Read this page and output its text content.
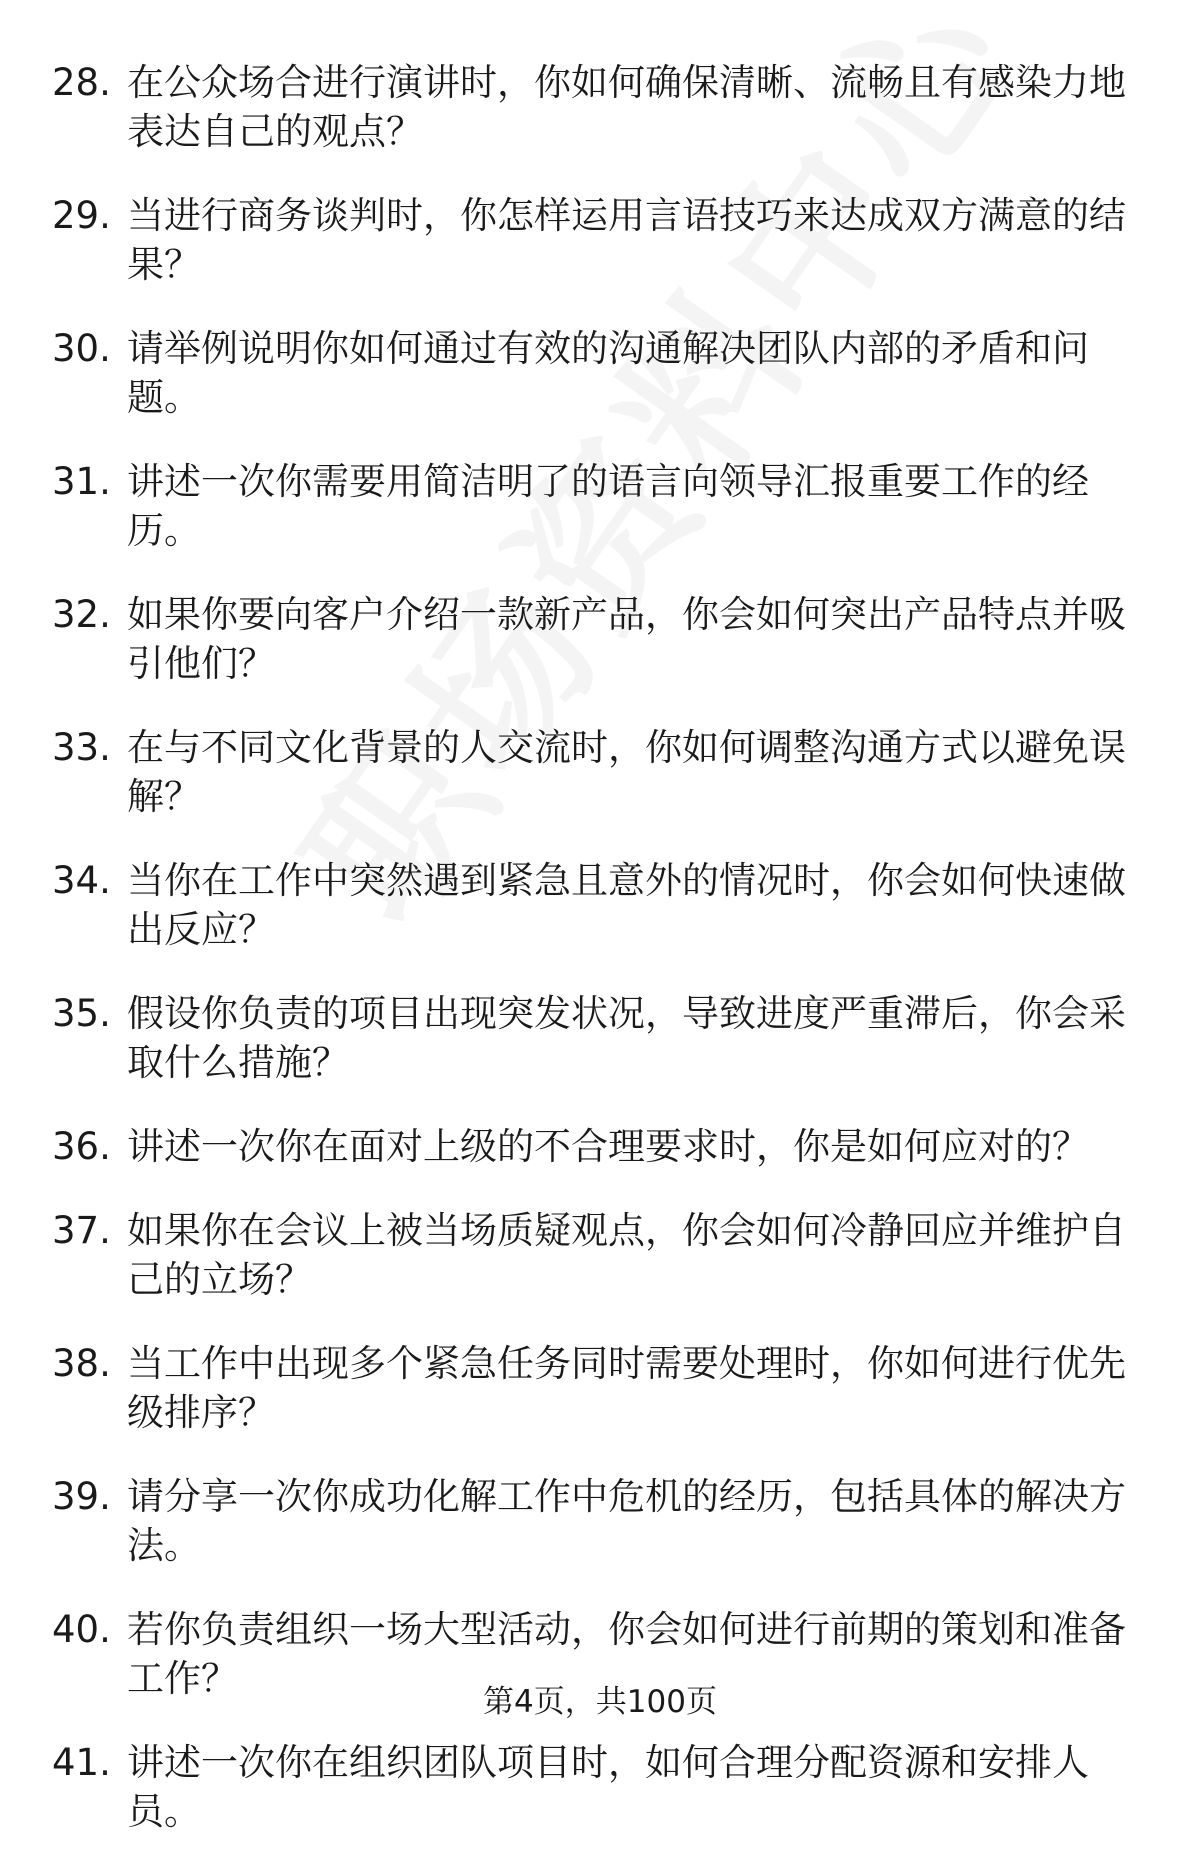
28. 在公众场合进行演讲时，你如何确保清晰、流畅且有感染力地表达自己的观点？
29. 当进行商务谈判时，你怎样运用言语技巧来达成双方满意的结果？
30. 请举例说明你如何通过有效的沟通解决团队内部的矛盾和问题。
31. 讲述一次你需要用简洁明了的语言向领导汇报重要工作的经历。
32. 如果你要向客户介绍一款新产品，你会如何突出产品特点并吸引他们？
33. 在与不同文化背景的人交流时，你如何调整沟通方式以避免误解？
34. 当你在工作中突然遇到紧急且意外的情况时，你会如何快速做出反应？
35. 假设你负责的项目出现突发状况，导致进度严重滞后，你会采取什么措施？
36. 讲述一次你在面对上级的不合理要求时，你是如何应对的？
37. 如果你在会议上被当场质疑观点，你会如何冷静回应并维护自己的立场？
38. 当工作中出现多个紧急任务同时需要处理时，你如何进行优先级排序？
39. 请分享一次你成功化解工作中危机的经历，包括具体的解决方法。
40. 若你负责组织一场大型活动，你会如何进行前期的策划和准备工作？
41. 讲述一次你在组织团队项目时，如何合理分配资源和安排人员。
第4页，共100页
